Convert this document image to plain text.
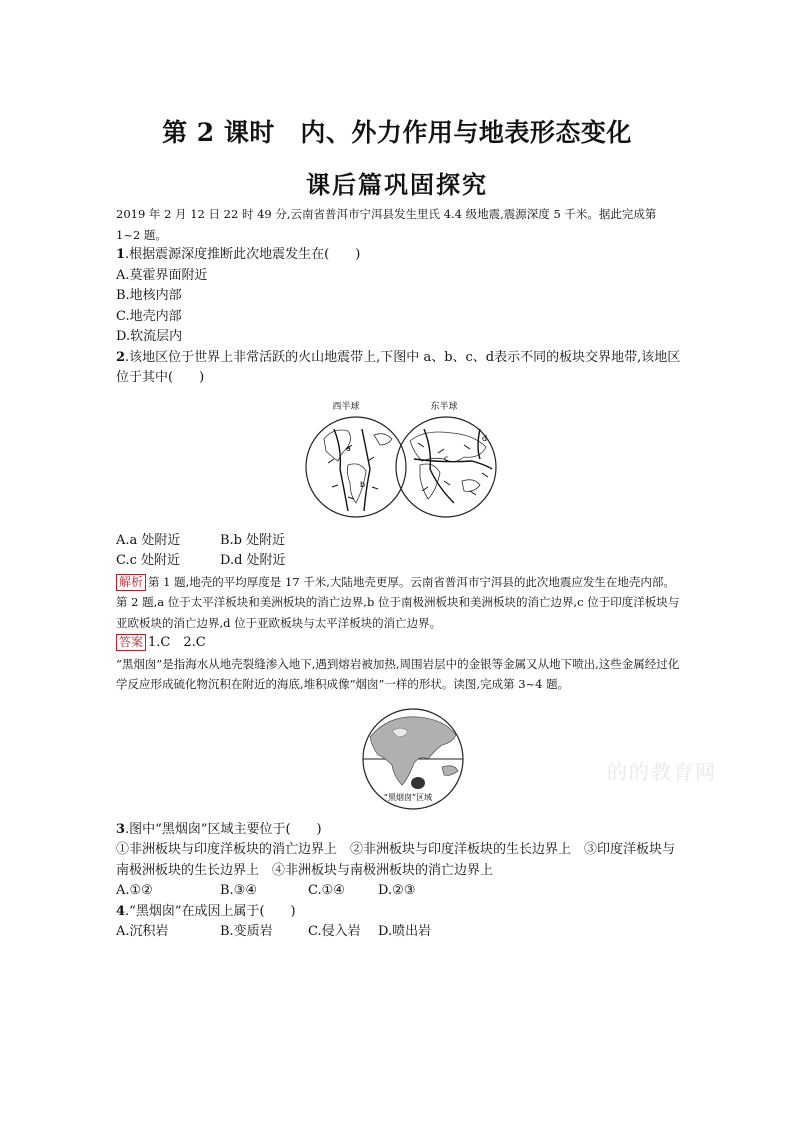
第 2 课时　内、外力作用与地表形态变化
课后篇巩固探究

2019 年 2 月 12 日 22 时 49 分,云南省普洱市宁洱县发生里氏 4.4 级地震,震源深度 5 千米。据此完成第 1~2 题。

1.根据震源深度推断此次地震发生在(　　)

A.莫霍界面附近

B.地核内部

C.地壳内部

D.软流层内

2.该地区位于世界上非常活跃的火山地震带上,下图中 a、b、c、d表示不同的板块交界地带,该地区位于其中(　　)

西半球	东半球
a
b
c
d

A.a 处附近	B.b 处附近

C.c 处附近	D.d 处附近

解析 第 1 题,地壳的平均厚度是 17 千米,大陆地壳更厚。云南省普洱市宁洱县的此次地震应发生在地壳内部。第 2 题,a 位于太平洋板块和美洲板块的消亡边界,b 位于南极洲板块和美洲板块的消亡边界,c 位于印度洋板块与亚欧板块的消亡边界,d 位于亚欧板块与太平洋板块的消亡边界。

答案 1.C　2.C

“黑烟囱”是指海水从地壳裂缝渗入地下,遇到熔岩被加热,周围岩层中的金银等金属又从地下喷出,这些金属经过化学反应形成硫化物沉积在附近的海底,堆积成像“烟囱”一样的形状。读图,完成第 3~4 题。

“黑烟囱”区域

3.图中“黑烟囱”区域主要位于(　　)

①非洲板块与印度洋板块的消亡边界上　②非洲板块与印度洋板块的生长边界上　③印度洋板块与南极洲板块的生长边界上　④非洲板块与南极洲板块的消亡边界上

A.①②	B.③④	C.①④	D.②③

4.“黑烟囱”在成因上属于(　　)

A.沉积岩	B.变质岩	C.侵入岩 D.喷出岩

的的教育网
